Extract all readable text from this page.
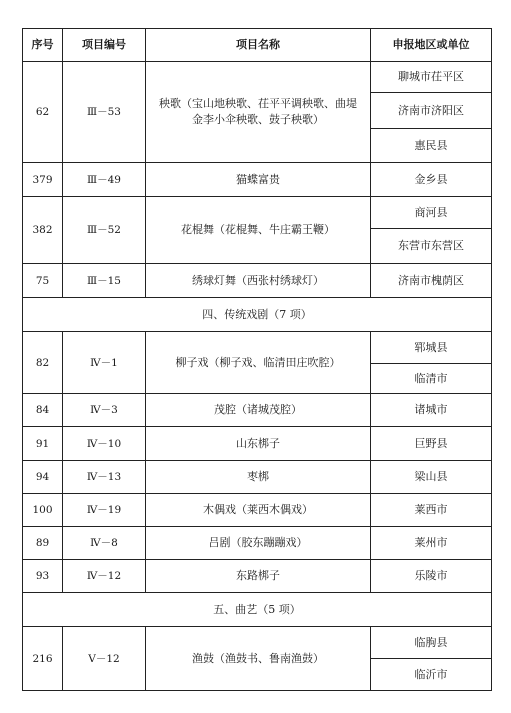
序号	项目编号	项目名称	申报地区或单位
62	Ⅲ－53	秧歌（宝山地秧歌、茌平平调秧歌、曲堤金李小伞秧歌、鼓子秧歌）	聊城市茌平区
			济南市济阳区
			惠民县
379	Ⅲ－49	猫蝶富贵	金乡县
382	Ⅲ－52	花棍舞（花棍舞、牛庄霸王鞭）	商河县
			东营市东营区
75	Ⅲ－15	绣球灯舞（西张村绣球灯）	济南市槐荫区
四、传统戏剧（7 项）			
82	Ⅳ－1	柳子戏（柳子戏、临清田庄吹腔）	郓城县
			临清市
84	Ⅳ－3	茂腔（诸城茂腔）	诸城市
91	Ⅳ－10	山东梆子	巨野县
94	Ⅳ－13	枣梆	梁山县
100	Ⅳ－19	木偶戏（莱西木偶戏）	莱西市
89	Ⅳ－8	吕剧（胶东蹦蹦戏）	莱州市
93	Ⅳ－12	东路梆子	乐陵市
五、曲艺（5 项）			
216	Ⅴ－12	渔鼓（渔鼓书、鲁南渔鼓）	临朐县
			临沂市
